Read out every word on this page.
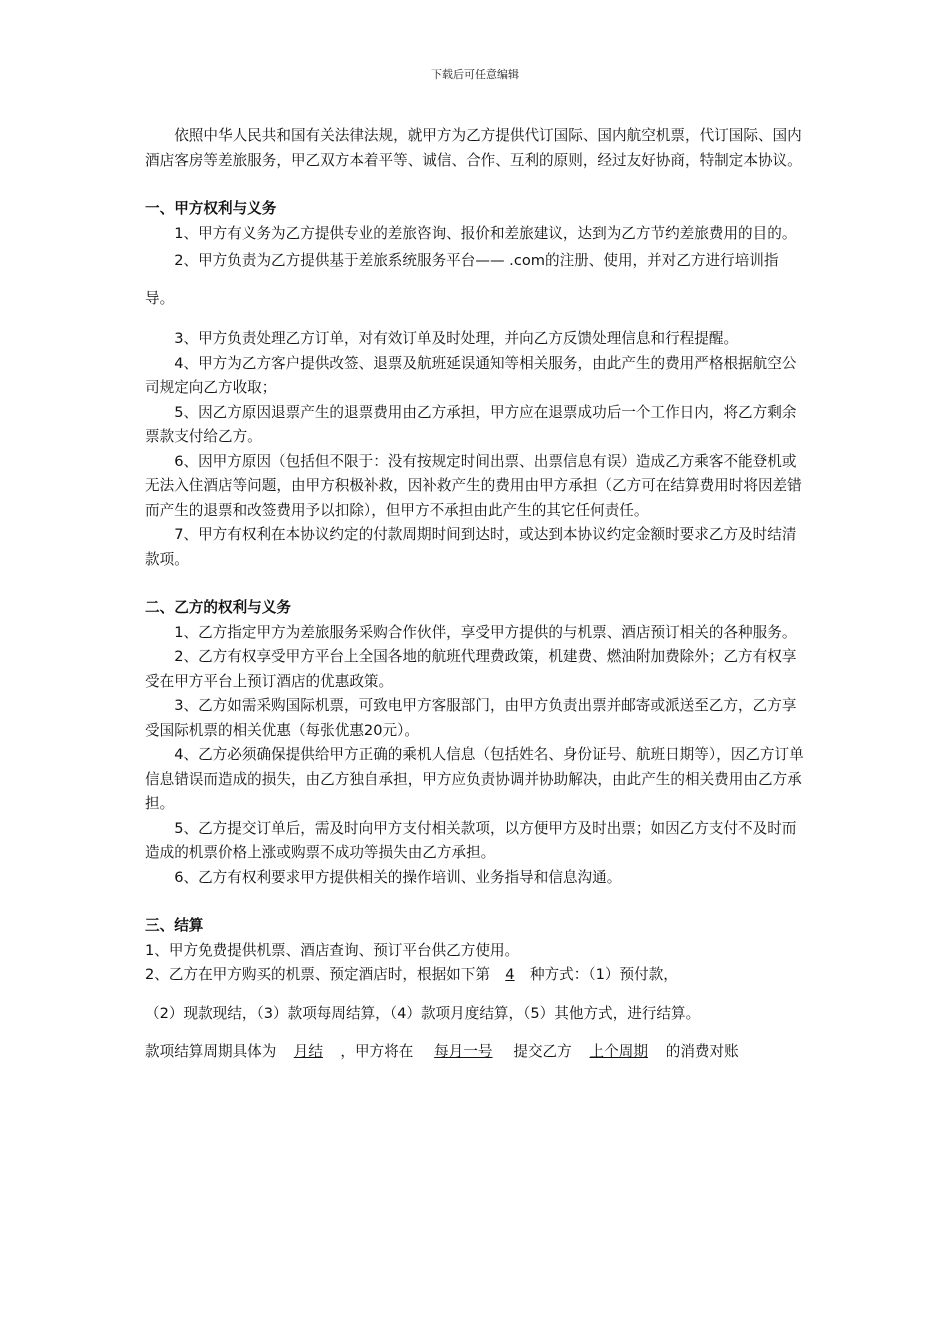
下载后可任意编辑

依照中华人民共和国有关法律法规，就甲方为乙方提供代订国际、国内航空机票，代订国际、国内酒店客房等差旅服务，甲乙双方本着平等、诚信、合作、互利的原则，经过友好协商，特制定本协议。

一、甲方权利与义务

1、甲方有义务为乙方提供专业的差旅咨询、报价和差旅建议，达到为乙方节约差旅费用的目的。

2、甲方负责为乙方提供基于差旅系统服务平台—— .com的注册、使用，并对乙方进行培训指导。

3、甲方负责处理乙方订单，对有效订单及时处理，并向乙方反馈处理信息和行程提醒。

4、甲方为乙方客户提供改签、退票及航班延误通知等相关服务，由此产生的费用严格根据航空公司规定向乙方收取；

5、因乙方原因退票产生的退票费用由乙方承担，甲方应在退票成功后一个工作日内，将乙方剩余票款支付给乙方。

6、因甲方原因（包括但不限于：没有按规定时间出票、出票信息有误）造成乙方乘客不能登机或无法入住酒店等问题，由甲方积极补救，因补救产生的费用由甲方承担（乙方可在结算费用时将因差错而产生的退票和改签费用予以扣除），但甲方不承担由此产生的其它任何责任。

7、甲方有权利在本协议约定的付款周期时间到达时，或达到本协议约定金额时要求乙方及时结清款项。

二、乙方的权利与义务

1、乙方指定甲方为差旅服务采购合作伙伴，享受甲方提供的与机票、酒店预订相关的各种服务。

2、乙方有权享受甲方平台上全国各地的航班代理费政策，机建费、燃油附加费除外；乙方有权享受在甲方平台上预订酒店的优惠政策。

3、乙方如需采购国际机票，可致电甲方客服部门，由甲方负责出票并邮寄或派送至乙方，乙方享受国际机票的相关优惠（每张优惠20元）。

4、乙方必须确保提供给甲方正确的乘机人信息（包括姓名、身份证号、航班日期等），因乙方订单信息错误而造成的损失，由乙方独自承担，甲方应负责协调并协助解决，由此产生的相关费用由乙方承担。

5、乙方提交订单后，需及时向甲方支付相关款项，以方便甲方及时出票；如因乙方支付不及时而造成的机票价格上涨或购票不成功等损失由乙方承担。

6、乙方有权利要求甲方提供相关的操作培训、业务指导和信息沟通。

三、结算

1、甲方免费提供机票、酒店查询、预订平台供乙方使用。

2、乙方在甲方购买的机票、预定酒店时，根据如下第 4 种方式：（1）预付款，

（2）现款现结，（3）款项每周结算，（4）款项月度结算，（5）其他方式，进行结算。

款项结算周期具体为 月结 ，甲方将在 每月一号 提交乙方 上个周期 的消费对账
